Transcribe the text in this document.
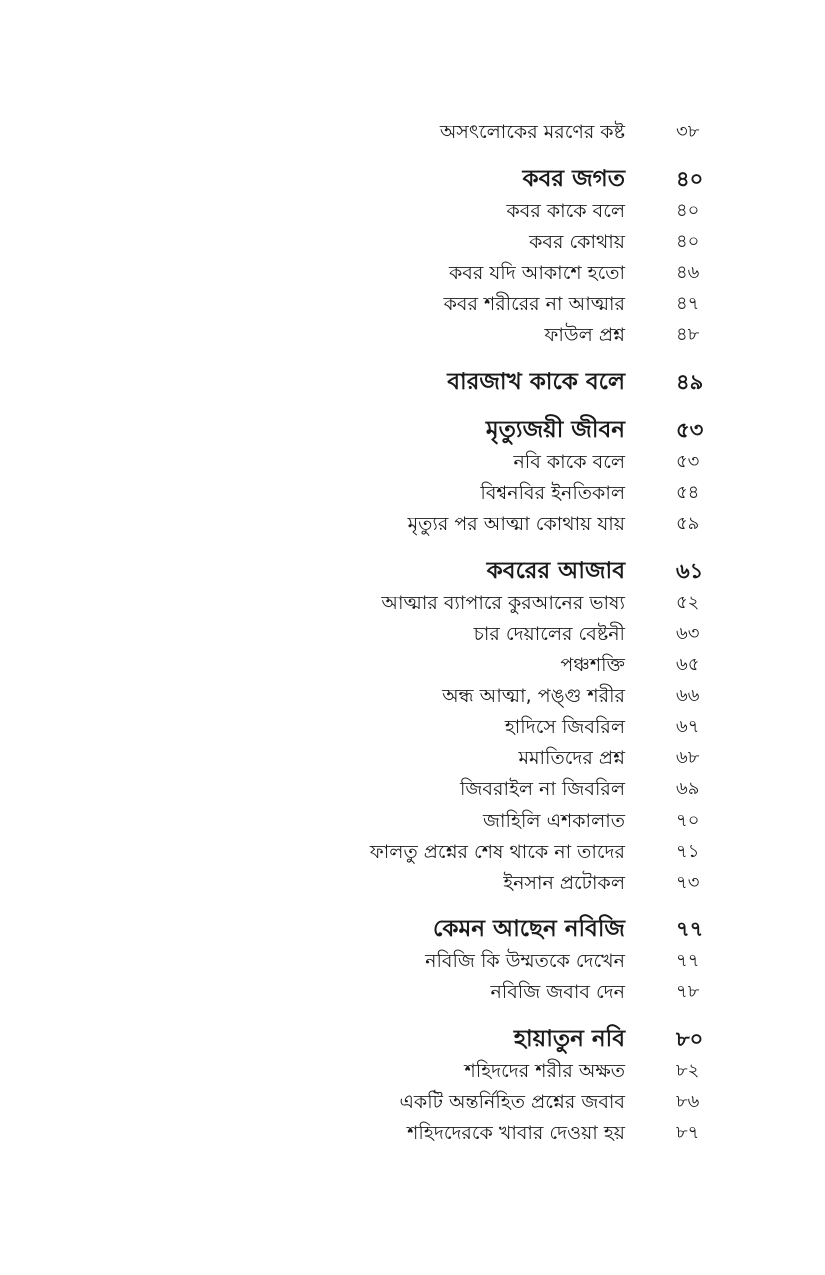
অসৎলোকের মরণের কষ্ট	৩৮
কবর জগত ৪০
কবর কাকে বলে	৪০
কবর কোথায়	৪০
কবর যদি আকাশে হতো	৪৬
কবর শরীরের না আত্মার	৪৭
ফাউল প্রশ্ন	৪৮
বারজাখ কাকে বলে ৪৯
মৃত্যুজয়ী জীবন ৫৩
নবি কাকে বলে	৫৩
বিশ্বনবির ইনতিকাল	৫৪
মৃত্যুর পর আত্মা কোথায় যায়	৫৯
কবরের আজাব ৬১
আত্মার ব্যাপারে কুরআনের ভাষ্য	৫২
চার দেয়ালের বেষ্টনী	৬৩
পঞ্চশক্তি	৬৫
অন্ধ আত্মা, পঙ্গু শরীর	৬৬
হাদিসে জিবরিল	৬৭
মমাতিদের প্রশ্ন	৬৮
জিবরাইল না জিবরিল	৬৯
জাহিলি এশকালাত	৭০
ফালতু প্রশ্নের শেষ থাকে না তাদের	৭১
ইনসান প্রটোকল	৭৩
কেমন আছেন নবিজি ৭৭
নবিজি কি উম্মতকে দেখেন	৭৭
নবিজি জবাব দেন	৭৮
হায়াতুন নবি ৮০
শহিদদের শরীর অক্ষত	৮২
একটি অন্তর্নিহিত প্রশ্নের জবাব	৮৬
শহিদদেরকে খাবার দেওয়া হয়	৮৭
